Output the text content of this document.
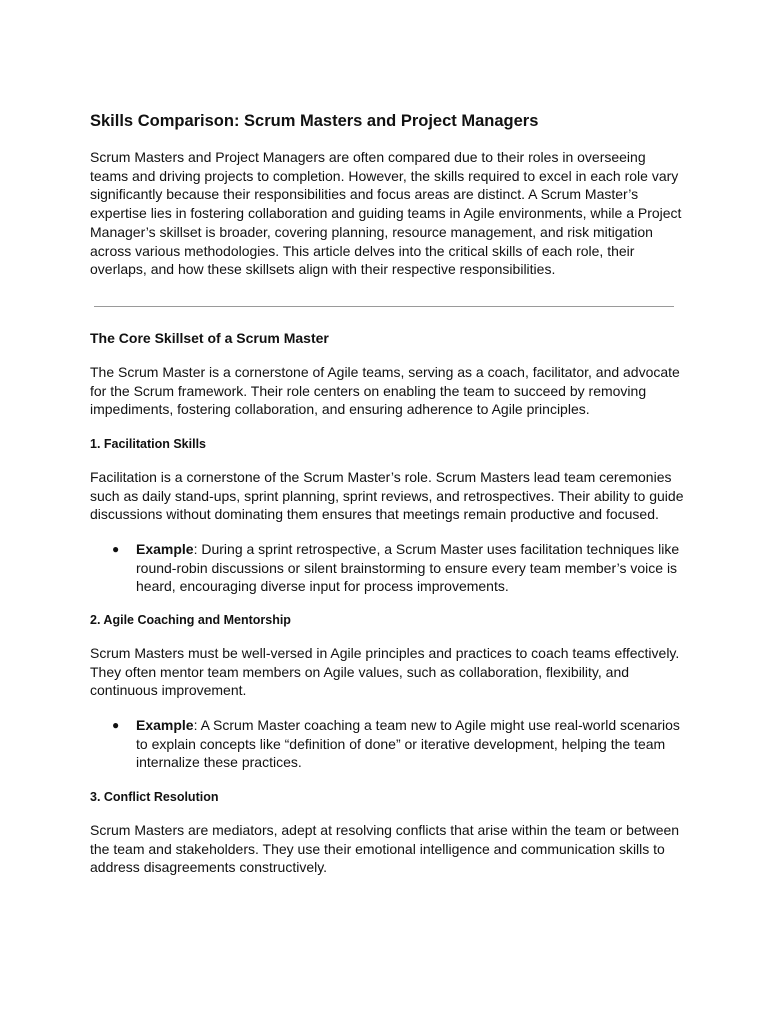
Skills Comparison: Scrum Masters and Project Managers

Scrum Masters and Project Managers are often compared due to their roles in overseeing teams and driving projects to completion. However, the skills required to excel in each role vary significantly because their responsibilities and focus areas are distinct. A Scrum Master’s expertise lies in fostering collaboration and guiding teams in Agile environments, while a Project Manager’s skillset is broader, covering planning, resource management, and risk mitigation across various methodologies. This article delves into the critical skills of each role, their overlaps, and how these skillsets align with their respective responsibilities.

The Core Skillset of a Scrum Master

The Scrum Master is a cornerstone of Agile teams, serving as a coach, facilitator, and advocate for the Scrum framework. Their role centers on enabling the team to succeed by removing impediments, fostering collaboration, and ensuring adherence to Agile principles.

1. Facilitation Skills

Facilitation is a cornerstone of the Scrum Master’s role. Scrum Masters lead team ceremonies such as daily stand-ups, sprint planning, sprint reviews, and retrospectives. Their ability to guide discussions without dominating them ensures that meetings remain productive and focused.

● Example: During a sprint retrospective, a Scrum Master uses facilitation techniques like round-robin discussions or silent brainstorming to ensure every team member’s voice is heard, encouraging diverse input for process improvements.
2. Agile Coaching and Mentorship

Scrum Masters must be well-versed in Agile principles and practices to coach teams effectively. They often mentor team members on Agile values, such as collaboration, flexibility, and continuous improvement.

● Example: A Scrum Master coaching a team new to Agile might use real-world scenarios to explain concepts like “definition of done” or iterative development, helping the team internalize these practices.
3. Conflict Resolution

Scrum Masters are mediators, adept at resolving conflicts that arise within the team or between the team and stakeholders. They use their emotional intelligence and communication skills to address disagreements constructively.
